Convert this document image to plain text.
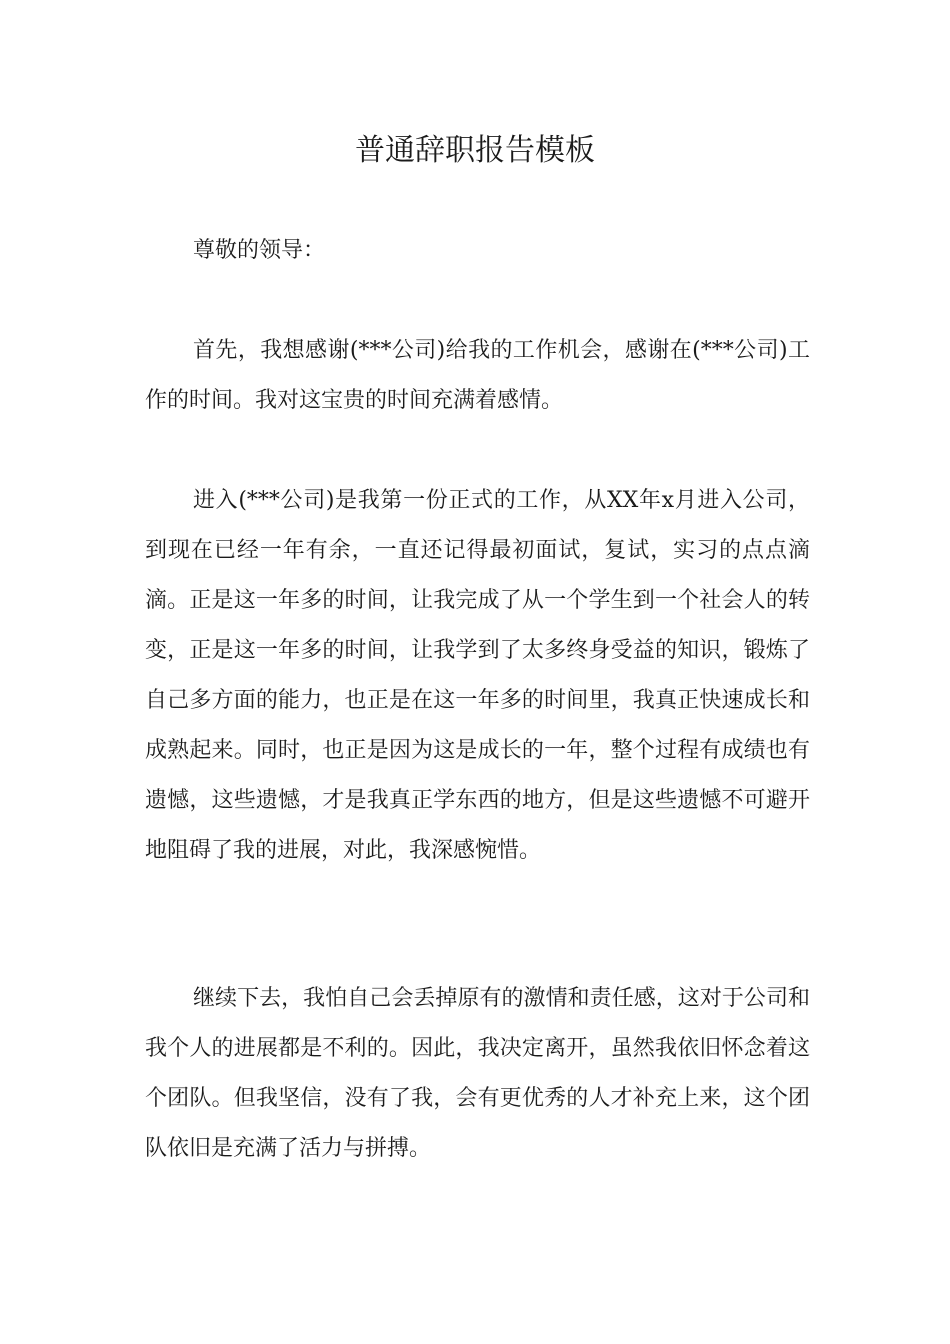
普通辞职报告模板

尊敬的领导：

首先，我想感谢(***公司)给我的工作机会，感谢在(***公司)工作的时间。我对这宝贵的时间充满着感情。

进入(***公司)是我第一份正式的工作，从XX年x月进入公司，到现在已经一年有余，一直还记得最初面试，复试，实习的点点滴滴。正是这一年多的时间，让我完成了从一个学生到一个社会人的转变，正是这一年多的时间，让我学到了太多终身受益的知识，锻炼了自己多方面的能力，也正是在这一年多的时间里，我真正快速成长和成熟起来。同时，也正是因为这是成长的一年，整个过程有成绩也有遗憾，这些遗憾，才是我真正学东西的地方，但是这些遗憾不可避开地阻碍了我的进展，对此，我深感惋惜。

继续下去，我怕自己会丢掉原有的激情和责任感，这对于公司和我个人的进展都是不利的。因此，我决定离开，虽然我依旧怀念着这个团队。但我坚信，没有了我，会有更优秀的人才补充上来，这个团队依旧是充满了活力与拼搏。
